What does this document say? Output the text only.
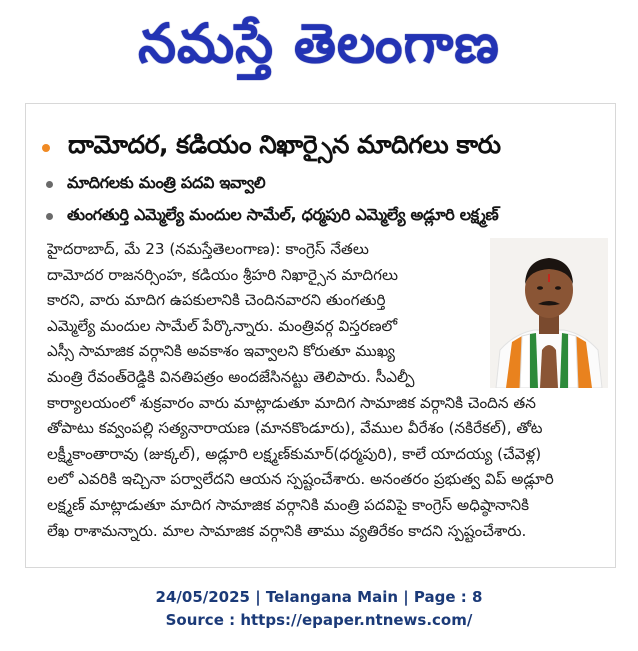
నమస్తే తెలంగాణ
దామోదర, కడియం నిఖార్సైన మాదిగలు కారు
మాదిగలకు మంత్రి పదవి ఇవ్వాలి
తుంగతుర్తి ఎమ్మెల్యే మందుల సామేల్, ధర్మపురి ఎమ్మెల్యే అడ్లూరి లక్ష్మణ్
హైదరాబాద్, మే 23 (నమస్తేతెలంగాణ): కాంగ్రెస్ నేతలు
దామోదర రాజనర్సింహ, కడియం శ్రీహరి నిఖార్సైన మాదిగలు
కారని, వారు మాదిగ ఉపకులానికి చెందినవారని తుంగతుర్తి
ఎమ్మెల్యే మందుల సామేల్ పేర్కొన్నారు. మంత్రివర్గ విస్తరణలో
ఎస్సీ సామాజిక వర్గానికి అవకాశం ఇవ్వాలని కోరుతూ ముఖ్య
మంత్రి రేవంత్‌రెడ్డికి వినతిపత్రం అందజేసినట్టు తెలిపారు. సీఎల్పీ
కార్యాలయంలో శుక్రవారం వారు మాట్లాడుతూ మాదిగ సామాజిక వర్గానికి చెందిన తన
తోపాటు కవ్వంపల్లి సత్యనారాయణ (మానకొండూరు), వేముల వీరేశం (నకిరేకల్), తోట
లక్ష్మీకాంతారావు (జుక్కల్), అడ్లూరి లక్ష్మణ్‌కుమార్(ధర్మపురి), కాలే యాదయ్య (చేవెళ్ల)
లలో ఎవరికి ఇచ్చినా పర్వాలేదని ఆయన స్పష్టంచేశారు. అనంతరం ప్రభుత్వ విప్ అడ్లూరి
లక్ష్మణ్ మాట్లాడుతూ మాదిగ సామాజిక వర్గానికి మంత్రి పదవిపై కాంగ్రెస్ అధిష్ఠానానికి
లేఖ రాశామన్నారు. మాల సామాజిక వర్గానికి తాము వ్యతిరేకం కాదని స్పష్టంచేశారు.
24/05/2025 | Telangana Main | Page : 8
Source : https://epaper.ntnews.com/
